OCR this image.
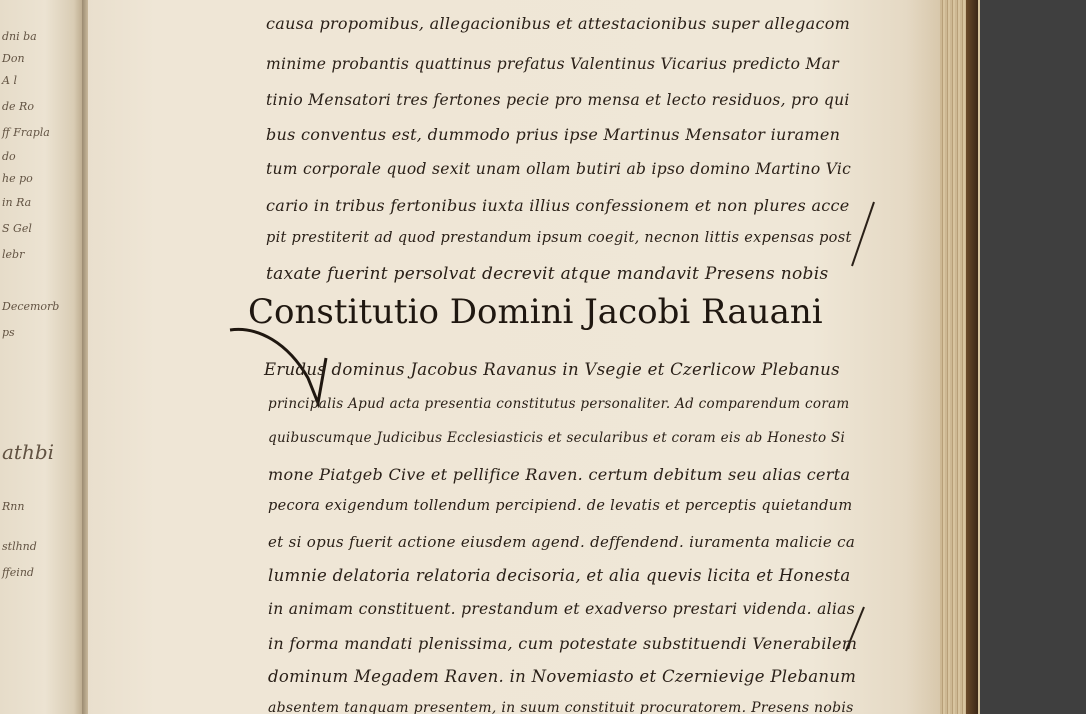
dni ba
Don
A l
de Ro
ff Frapla
do
he po
in Ra
S Gel
lebr
Decemorb
ps
athbi
Rnn
stlhnd
ffeind
Constitutio Domini Jacobi Rauani
causa propomibus, allegacionibus et attestacionibus super allegacom
minime probantis quattinus prefatus Valentinus Vicarius predicto Mar
tinio Mensatori tres fertones pecie pro mensa et lecto residuos, pro qui
bus conventus est, dummodo prius ipse Martinus Mensator iuramen
tum corporale quod sexit unam ollam butiri ab ipso domino Martino Vic
cario in tribus fertonibus iuxta illius confessionem et non plures acce
pit prestiterit ad quod prestandum ipsum coegit, necnon littis expensas post
taxate fuerint persolvat decrevit atque mandavit Presens nobis
Erudus dominus Jacobus Ravanus in Vsegie et Czerlicow Plebanus
principalis Apud acta presentia constitutus personaliter. Ad comparendum coram
quibuscumque Judicibus Ecclesiasticis et secularibus et coram eis ab Honesto Si
mone Piatgeb Cive et pellifice Raven. certum debitum seu alias certa
pecora exigendum tollendum percipiend. de levatis et perceptis quietandum
et si opus fuerit actione eiusdem agend. deffendend. iuramenta malicie ca
lumnie delatoria relatoria decisoria, et alia quevis licita et Honesta
in animam constituent. prestandum et exadverso prestari videnda. alias
in forma mandati plenissima, cum potestate substituendi Venerabilem
dominum Megadem Raven. in Novemiasto et Czernievige Plebanum
absentem tanquam presentem, in suum constituit procuratorem. Presens nobis
